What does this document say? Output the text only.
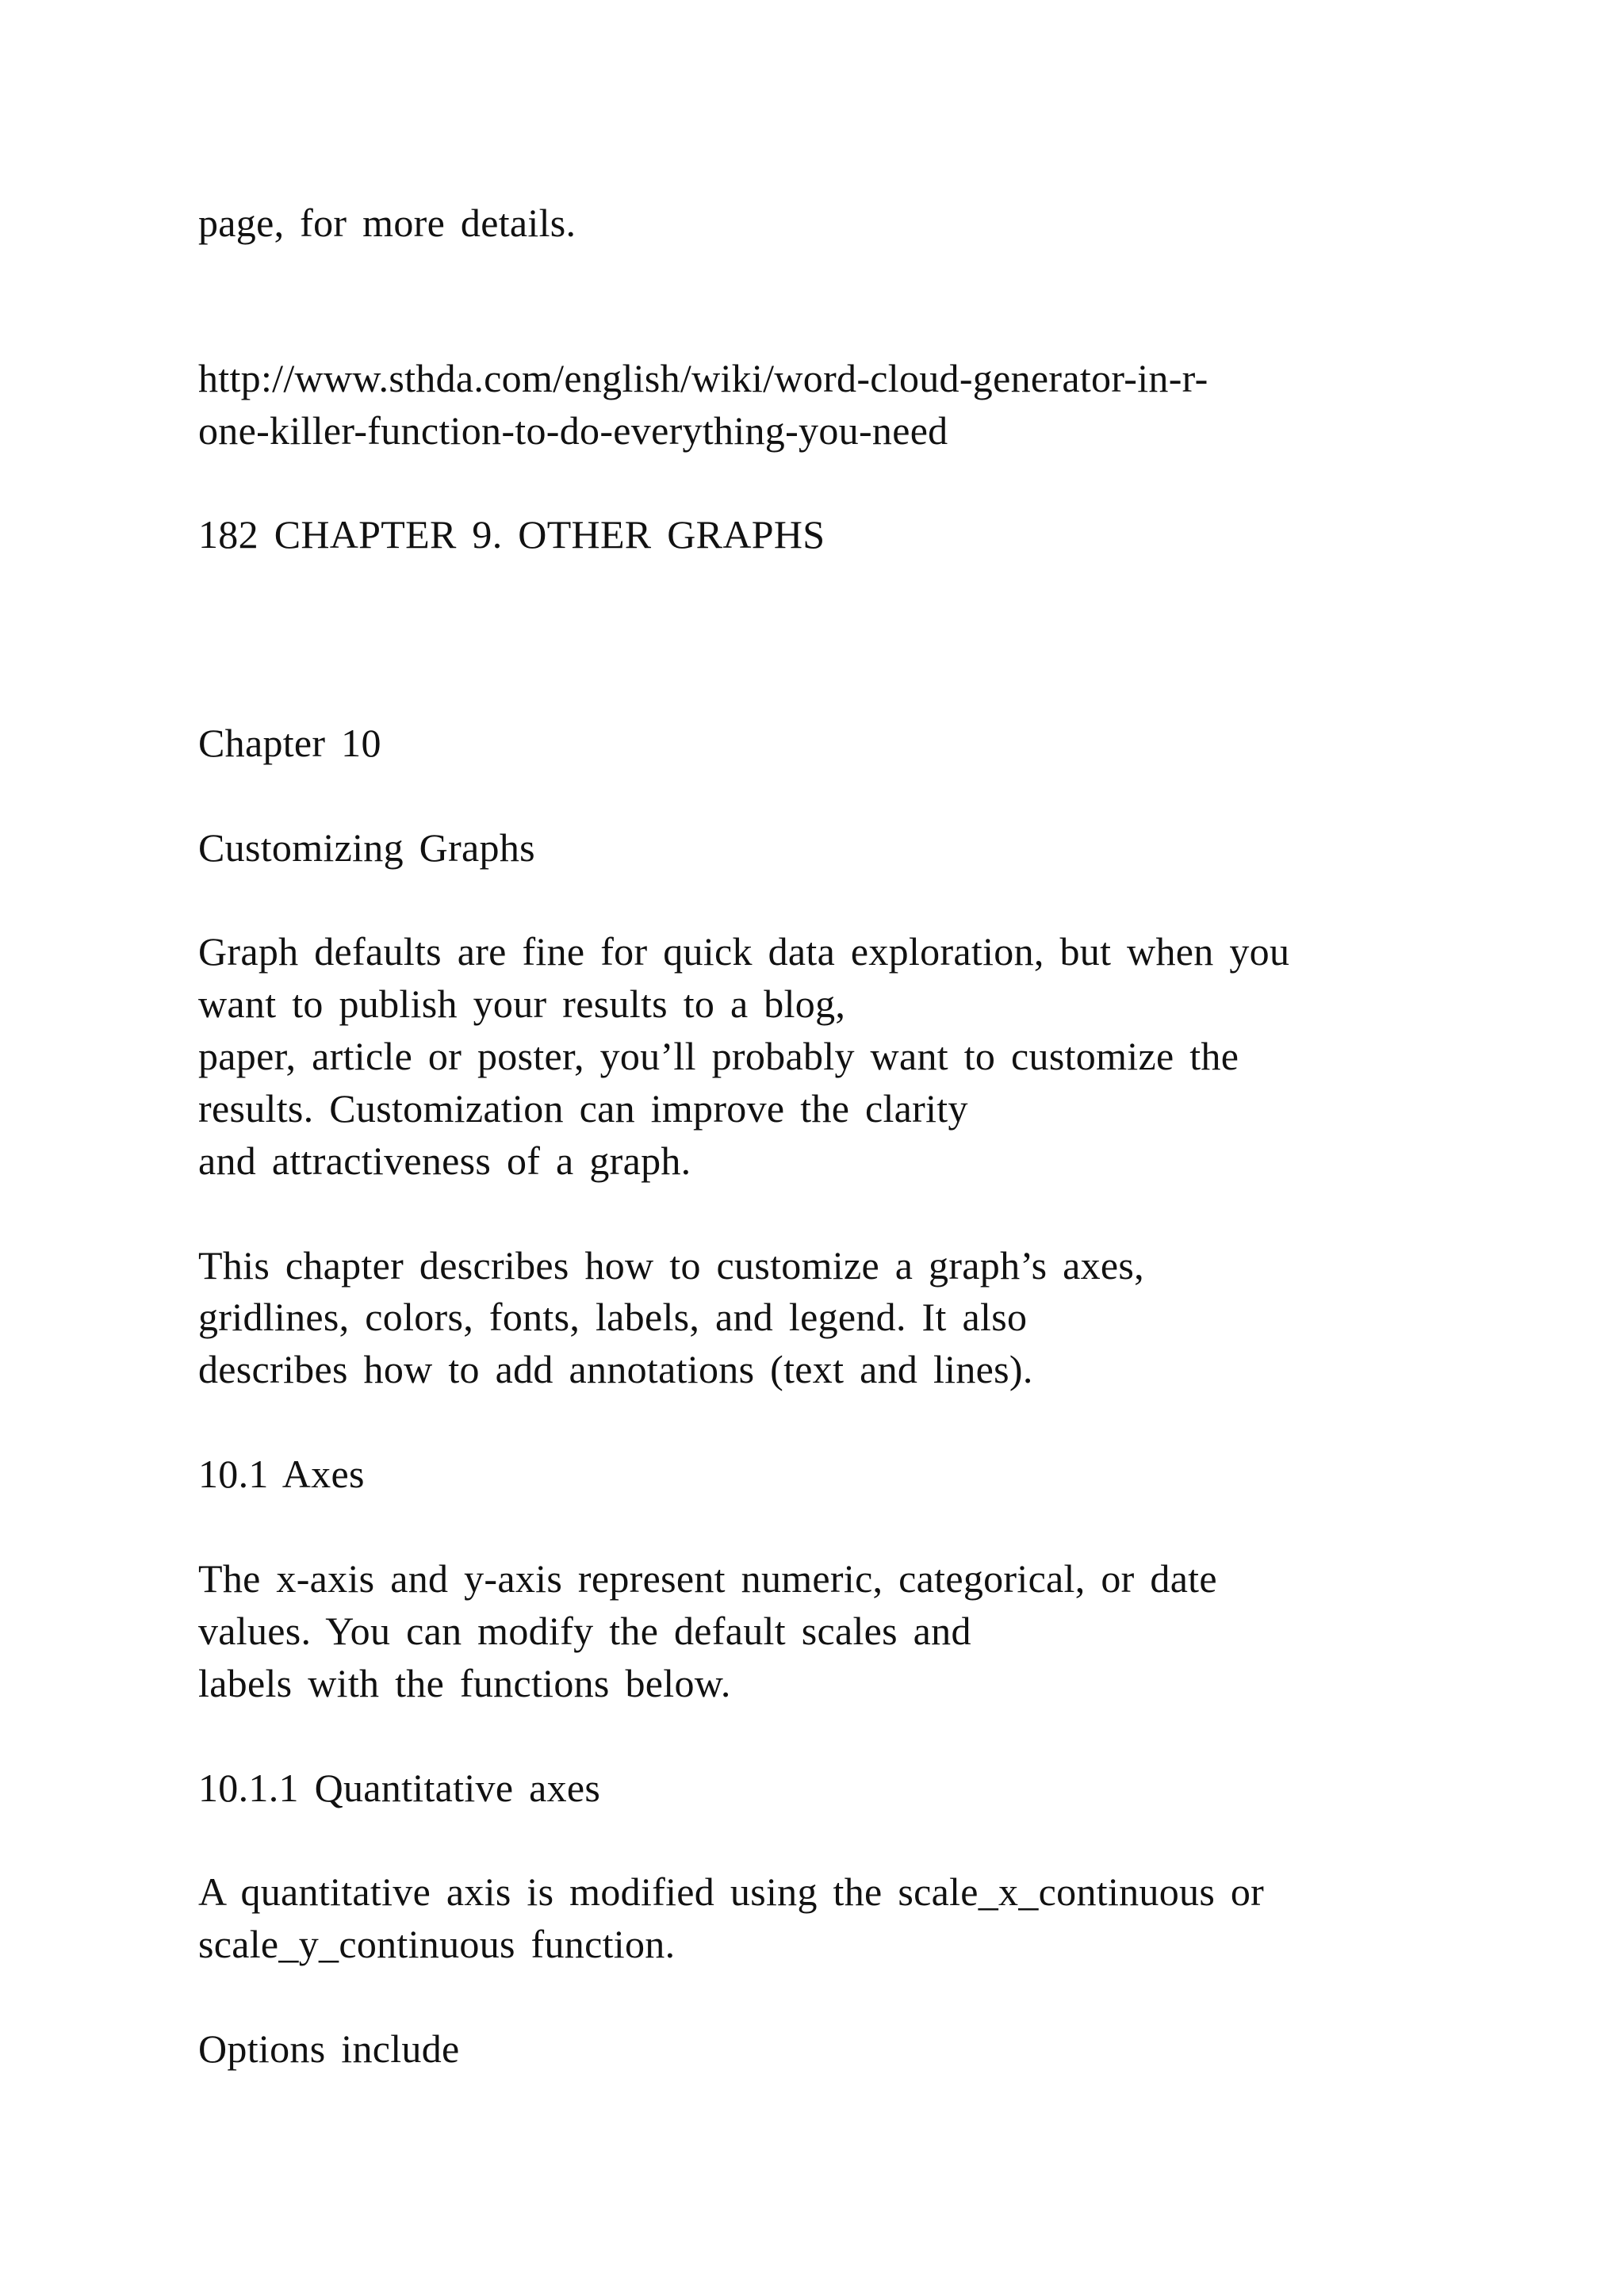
page, for more details.

http://www.sthda.com/english/wiki/word-cloud-generator-in-r-

one-killer-function-to-do-everything-you-need

182 CHAPTER 9. OTHER GRAPHS

Chapter 10

Customizing Graphs

Graph defaults are fine for quick data exploration, but when you

want to publish your results to a blog,

paper, article or poster, you’ll probably want to customize the

results. Customization can improve the clarity

and attractiveness of a graph.

This chapter describes how to customize a graph’s axes,

gridlines, colors, fonts, labels, and legend. It also

describes how to add annotations (text and lines).

10.1 Axes

The x-axis and y-axis represent numeric, categorical, or date

values. You can modify the default scales and

labels with the functions below.

10.1.1 Quantitative axes

A quantitative axis is modified using the scale_x_continuous or

scale_y_continuous function.

Options include
